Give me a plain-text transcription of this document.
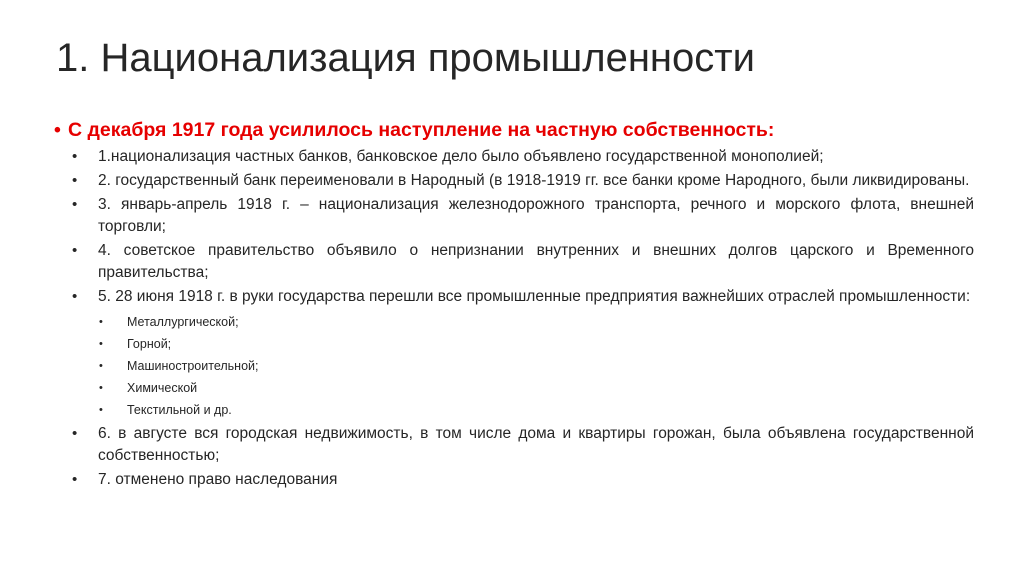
1. Национализация промышленности

• С декабря 1917 года усилилось наступление на частную собственность:

• 1.национализация частных банков, банковское дело было объявлено государственной монополией;
• 2. государственный банк переименовали в Народный (в 1918-1919 гг. все банки кроме Народного, были ликвидированы.
• 3. январь-апрель 1918 г. – национализация железнодорожного транспорта, речного и морского флота, внешней торговли;
• 4. советское правительство объявило о непризнании внутренних и внешних долгов царского и Временного правительства;
• 5. 28 июня 1918 г. в руки государства перешли все промышленные предприятия важнейших отраслей промышленности:
• Металлургической;
• Горной;
• Машиностроительной;
• Химической
• Текстильной и др.
• 6. в августе вся городская недвижимость, в том числе дома и квартиры горожан, была объявлена государственной собственностью;
• 7. отменено право наследования
